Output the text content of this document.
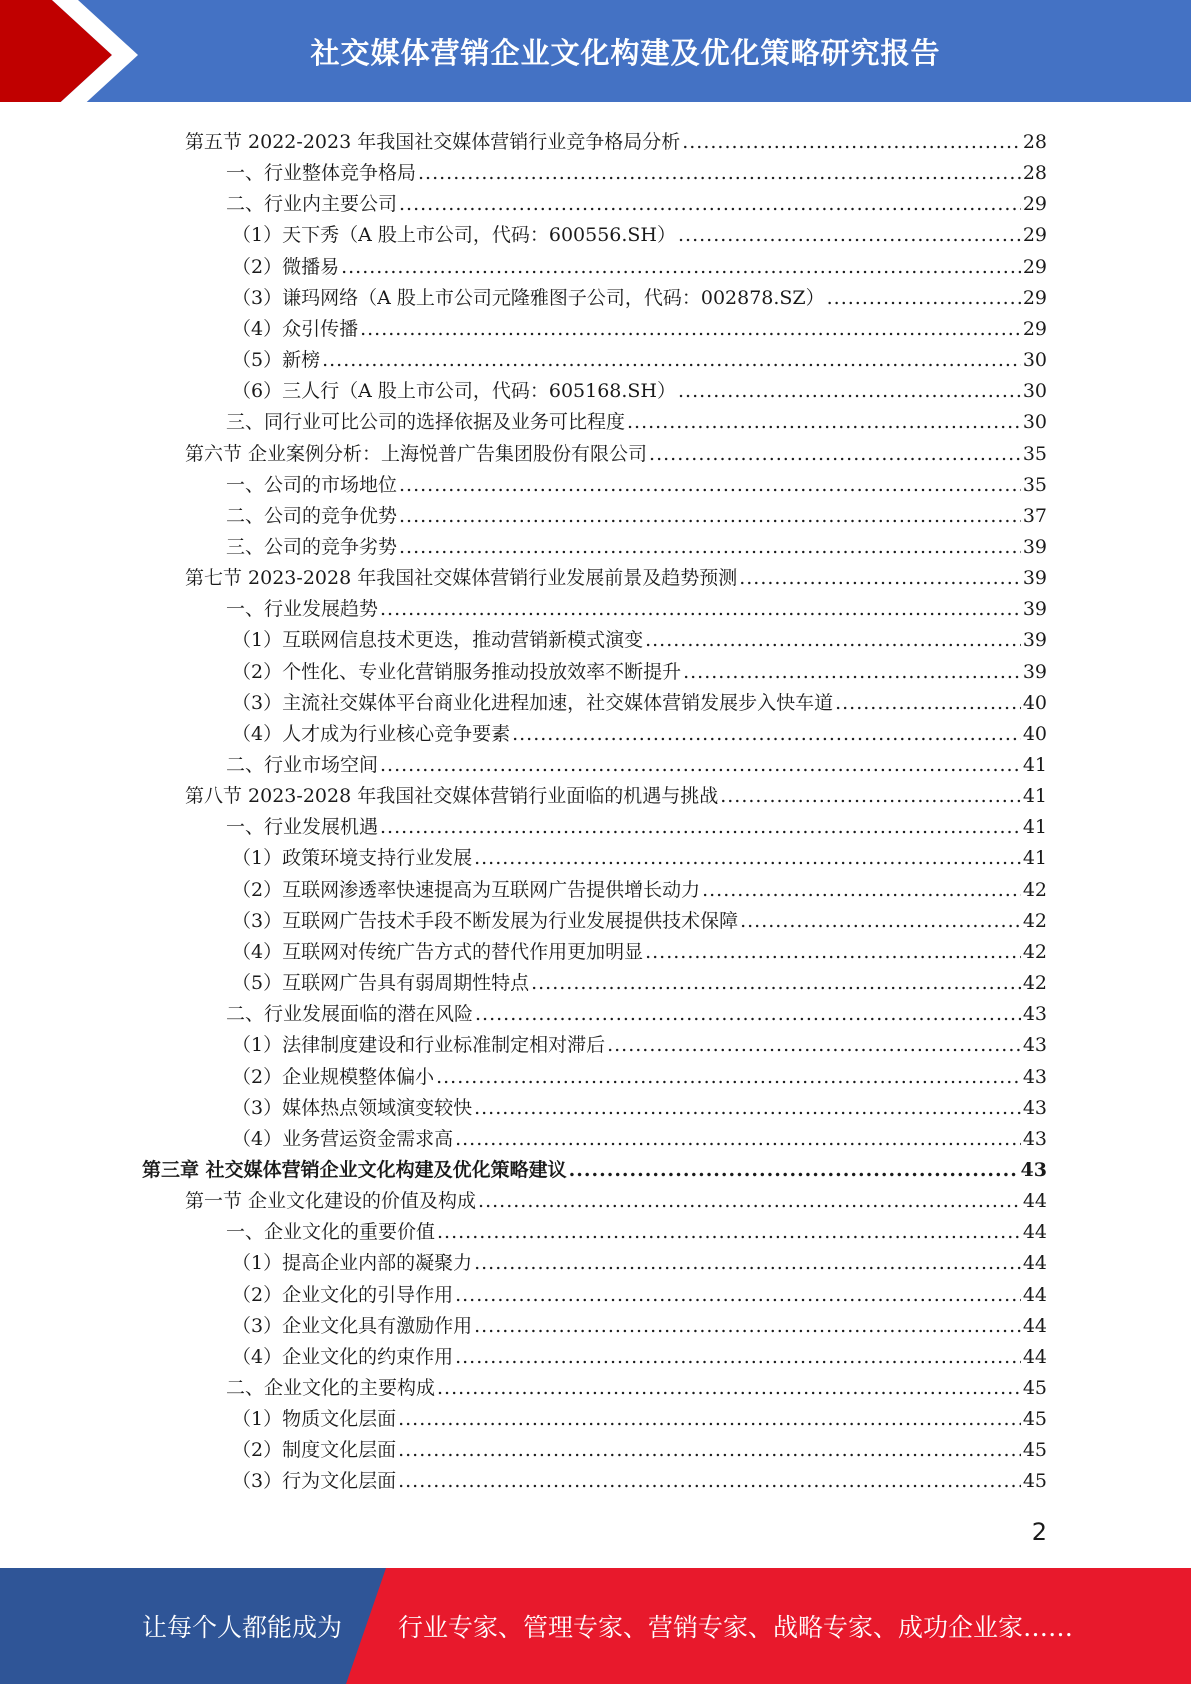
社交媒体营销企业文化构建及优化策略研究报告
第五节 2022-2023 年我国社交媒体营销行业竞争格局分析 .....	28
一、行业整体竞争格局 .....	28
二、行业内主要公司 .....	29
（1）天下秀（A 股上市公司，代码：600556.SH） .....	29
（2）微播易 .....	29
（3）谦玛网络（A 股上市公司元隆雅图子公司，代码：002878.SZ） .....	29
（4）众引传播 .....	29
（5）新榜 .....	30
（6）三人行（A 股上市公司，代码：605168.SH） .....	30
三、同行业可比公司的选择依据及业务可比程度 .....	30
第六节 企业案例分析：上海悦普广告集团股份有限公司 .....	35
一、公司的市场地位 .....	35
二、公司的竞争优势 .....	37
三、公司的竞争劣势 .....	39
第七节 2023-2028 年我国社交媒体营销行业发展前景及趋势预测 .....	39
一、行业发展趋势 .....	39
（1）互联网信息技术更迭，推动营销新模式演变 .....	39
（2）个性化、专业化营销服务推动投放效率不断提升 .....	39
（3）主流社交媒体平台商业化进程加速，社交媒体营销发展步入快车道 .....	40
（4）人才成为行业核心竞争要素 .....	40
二、行业市场空间 .....	41
第八节 2023-2028 年我国社交媒体营销行业面临的机遇与挑战 .....	41
一、行业发展机遇 .....	41
（1）政策环境支持行业发展 .....	41
（2）互联网渗透率快速提高为互联网广告提供增长动力 .....	42
（3）互联网广告技术手段不断发展为行业发展提供技术保障 .....	42
（4）互联网对传统广告方式的替代作用更加明显 .....	42
（5）互联网广告具有弱周期性特点 .....	42
二、行业发展面临的潜在风险 .....	43
（1）法律制度建设和行业标准制定相对滞后 .....	43
（2）企业规模整体偏小 .....	43
（3）媒体热点领域演变较快 .....	43
（4）业务营运资金需求高 .....	43
第三章 社交媒体营销企业文化构建及优化策略建议 .....	43
第一节 企业文化建设的价值及构成 .....	44
一、企业文化的重要价值 .....	44
（1）提高企业内部的凝聚力 .....	44
（2）企业文化的引导作用 .....	44
（3）企业文化具有激励作用 .....	44
（4）企业文化的约束作用 .....	44
二、企业文化的主要构成 .....	45
（1）物质文化层面 .....	45
（2）制度文化层面 .....	45
（3）行为文化层面 .....	45
2
让每个人都能成为 行业专家、管理专家、营销专家、战略专家、成功企业家……
